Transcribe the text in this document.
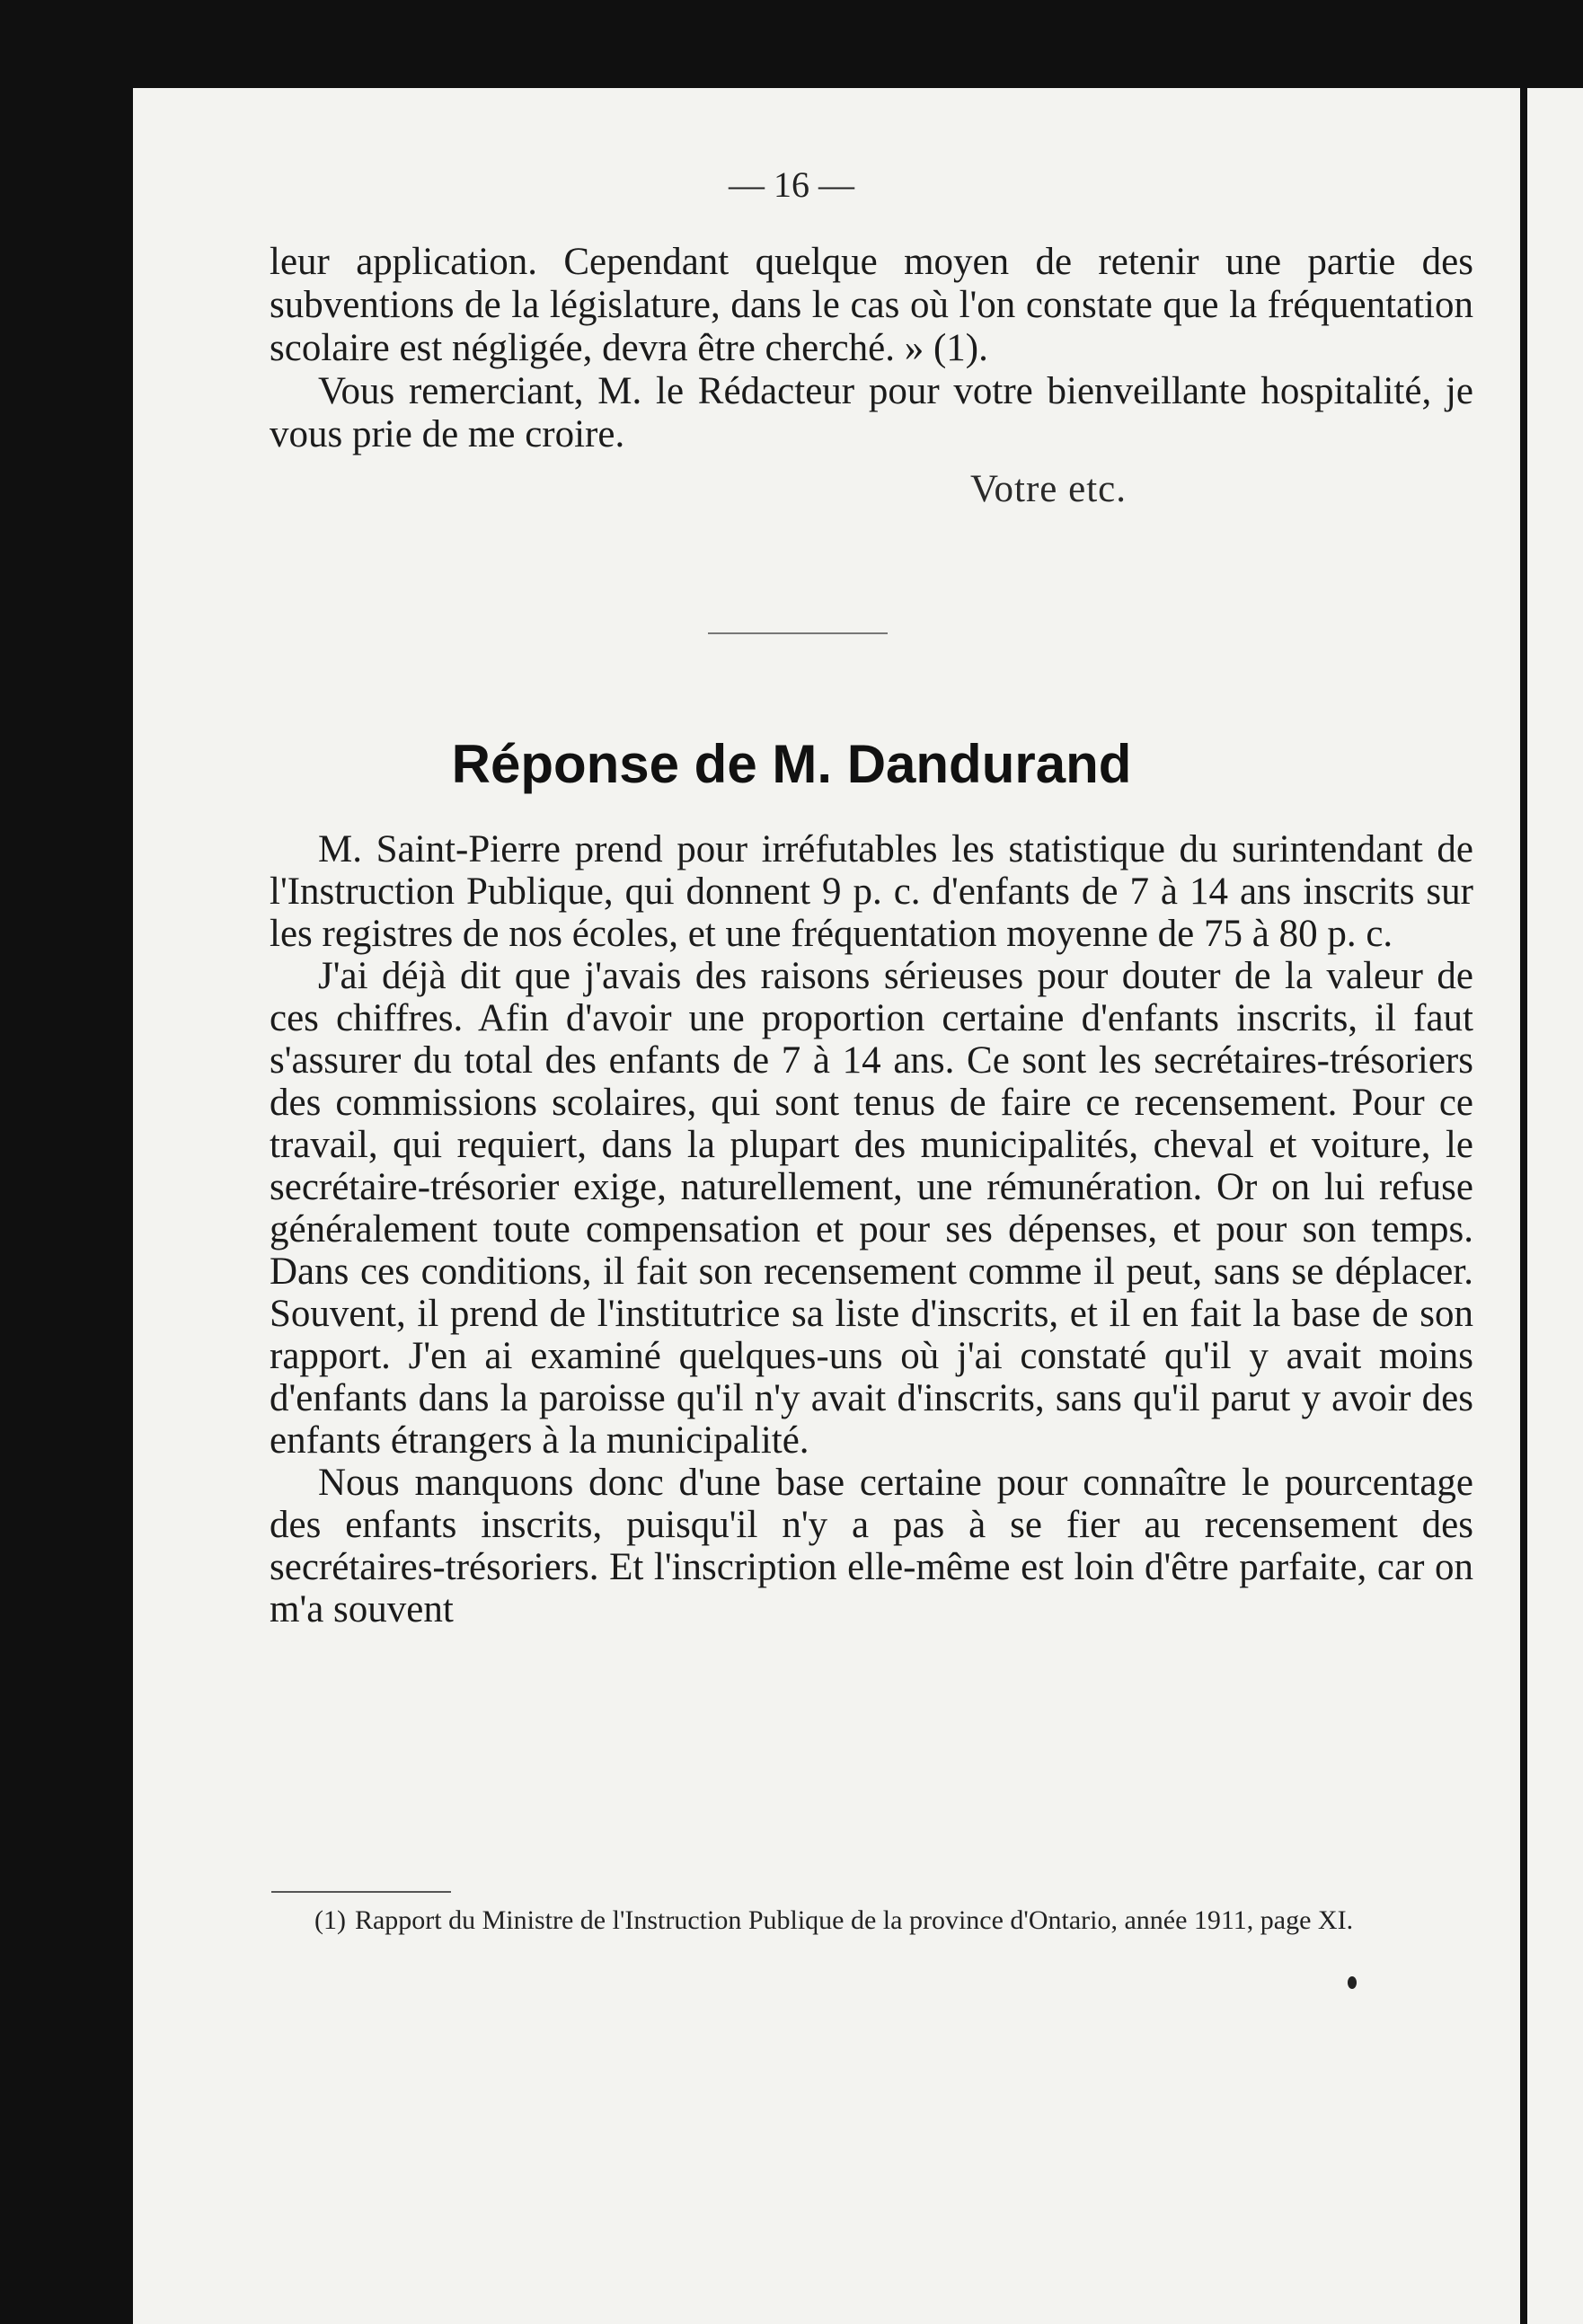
— 16 —

leur application. Cependant quelque moyen de retenir une partie des subventions de la législature, dans le cas où l'on constate que la fréquentation scolaire est négligée, devra être cherché. » (1).

Vous remerciant, M. le Rédacteur pour votre bienveillante hospitalité, je vous prie de me croire.

Votre etc.
Réponse de M. Dandurand

M. Saint-Pierre prend pour irréfutables les statistique du surintendant de l'Instruction Publique, qui donnent 9 p. c. d'enfants de 7 à 14 ans inscrits sur les registres de nos écoles, et une fréquentation moyenne de 75 à 80 p. c.

J'ai déjà dit que j'avais des raisons sérieuses pour douter de la valeur de ces chiffres. Afin d'avoir une proportion certaine d'enfants inscrits, il faut s'assurer du total des enfants de 7 à 14 ans. Ce sont les secrétaires-trésoriers des commissions scolaires, qui sont tenus de faire ce recensement. Pour ce travail, qui requiert, dans la plupart des municipalités, cheval et voiture, le secrétaire-trésorier exige, naturellement, une rémunération. Or on lui refuse généralement toute compensation et pour ses dépenses, et pour son temps. Dans ces conditions, il fait son recensement comme il peut, sans se déplacer. Souvent, il prend de l'institutrice sa liste d'inscrits, et il en fait la base de son rapport. J'en ai examiné quelques-uns où j'ai constaté qu'il y avait moins d'enfants dans la paroisse qu'il n'y avait d'inscrits, sans qu'il parut y avoir des enfants étrangers à la municipalité.

Nous manquons donc d'une base certaine pour connaître le pourcentage des enfants inscrits, puisqu'il n'y a pas à se fier au recensement des secrétaires-trésoriers. Et l'inscription elle-même est loin d'être parfaite, car on m'a souvent

(1) Rapport du Ministre de l'Instruction Publique de la province d'Ontario, année 1911, page XI.
